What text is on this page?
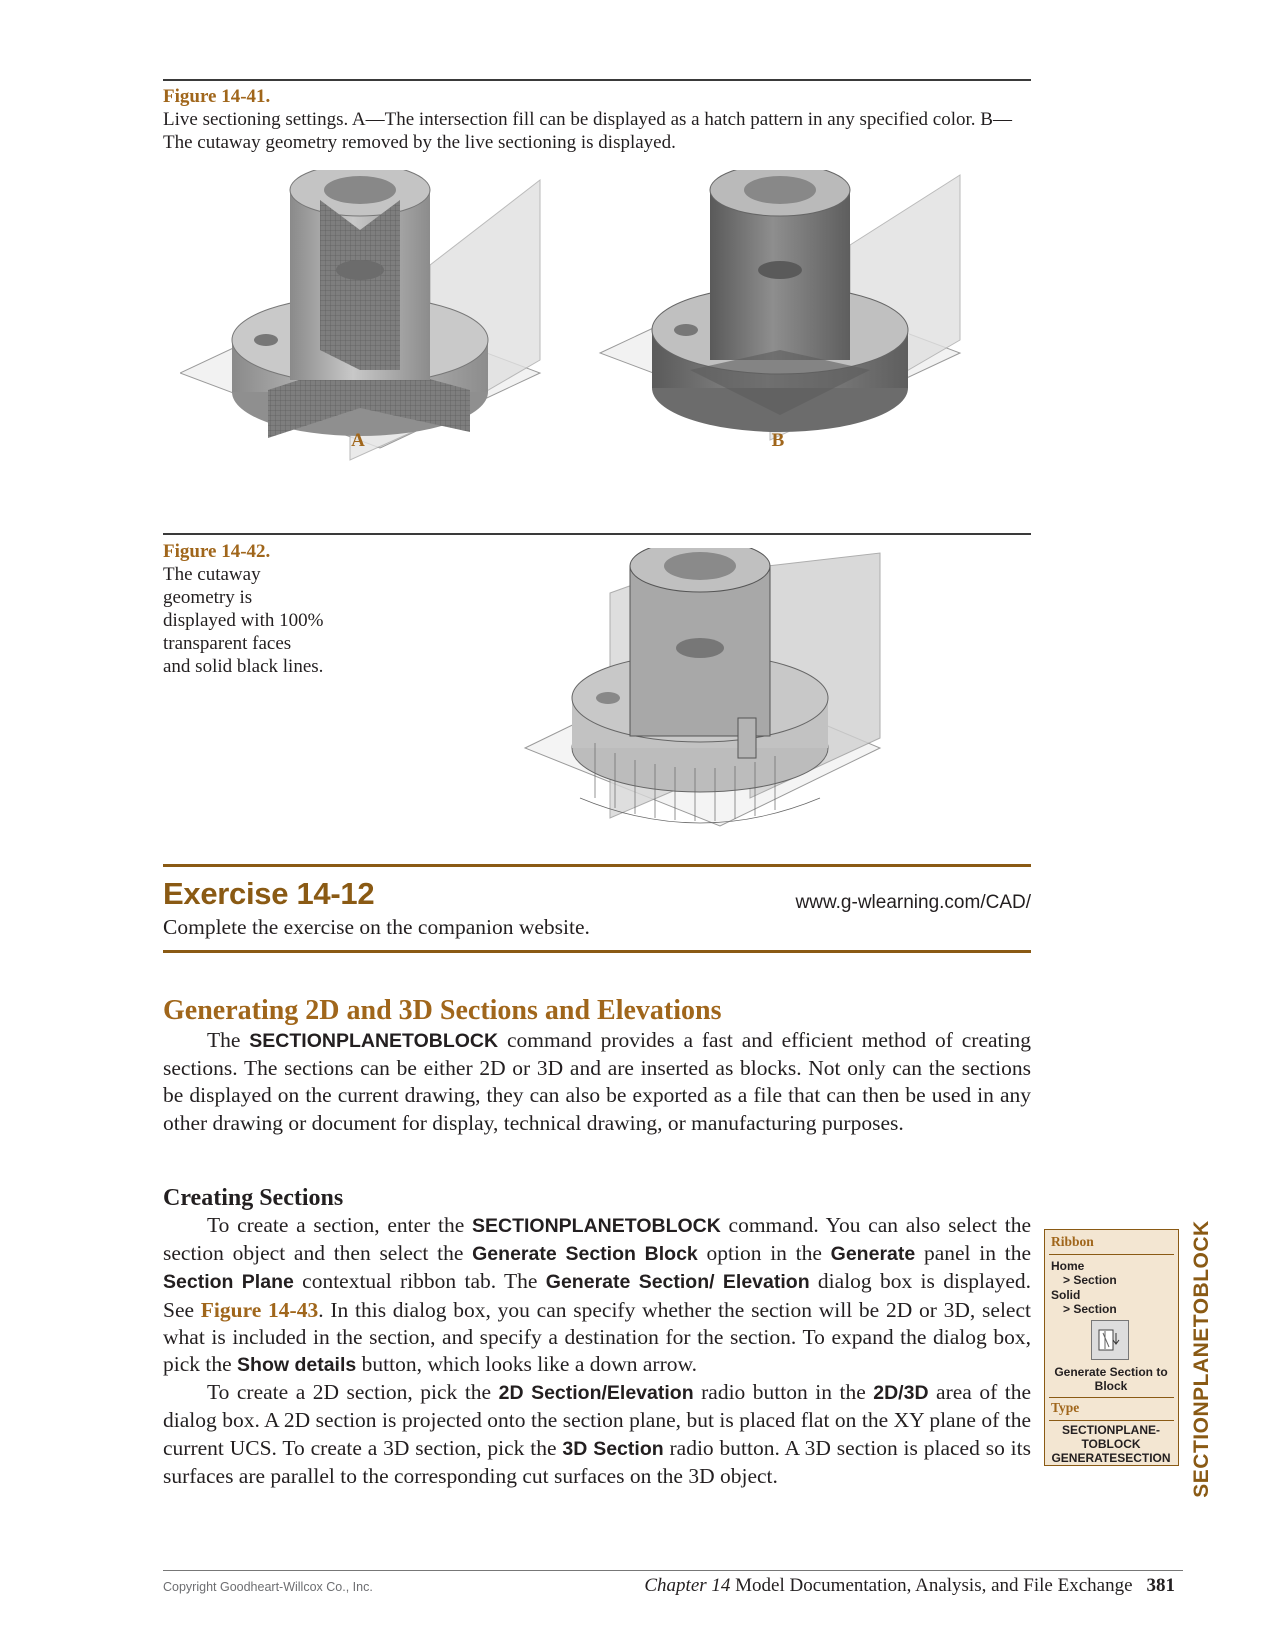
Figure 14-41.
Live sectioning settings. A—The intersection fill can be displayed as a hatch pattern in any specified color. B—The cutaway geometry removed by the live sectioning is displayed.
A	B
Figure 14-42.
The cutaway
geometry is
displayed with 100%
transparent faces
and solid black lines.
Exercise 14-12	www.g-wlearning.com/CAD/
Complete the exercise on the companion website.
Generating 2D and 3D Sections and Elevations

The SECTIONPLANETOBLOCK command provides a fast and efficient method of creating sections. The sections can be either 2D or 3D and are inserted as blocks. Not only can the sections be displayed on the current drawing, they can also be exported as a file that can then be used in any other drawing or document for display, technical drawing, or manufacturing purposes.

Creating Sections

To create a section, enter the SECTIONPLANETOBLOCK command. You can also select the section object and then select the Generate Section Block option in the Generate panel in the Section Plane contextual ribbon tab. The Generate Section/ Elevation dialog box is displayed. See Figure 14-43. In this dialog box, you can specify whether the section will be 2D or 3D, select what is included in the section, and specify a destination for the section. To expand the dialog box, pick the Show details button, which looks like a down arrow.

To create a 2D section, pick the 2D Section/Elevation radio button in the 2D/3D area of the dialog box. A 2D section is projected onto the section plane, but is placed flat on the XY plane of the current UCS. To create a 3D section, pick the 3D Section radio button. A 3D section is placed so its surfaces are parallel to the corresponding cut surfaces on the 3D object.

Ribbon
Home
> Section
Solid
> Section
Generate Section to
Block
Type
SECTIONPLANE-
TOBLOCK
GENERATESECTION SECTIONPLANETOBLOCK
Copyright Goodheart-Willcox Co., Inc.	Chapter 14 Model Documentation, Analysis, and File Exchange 381
